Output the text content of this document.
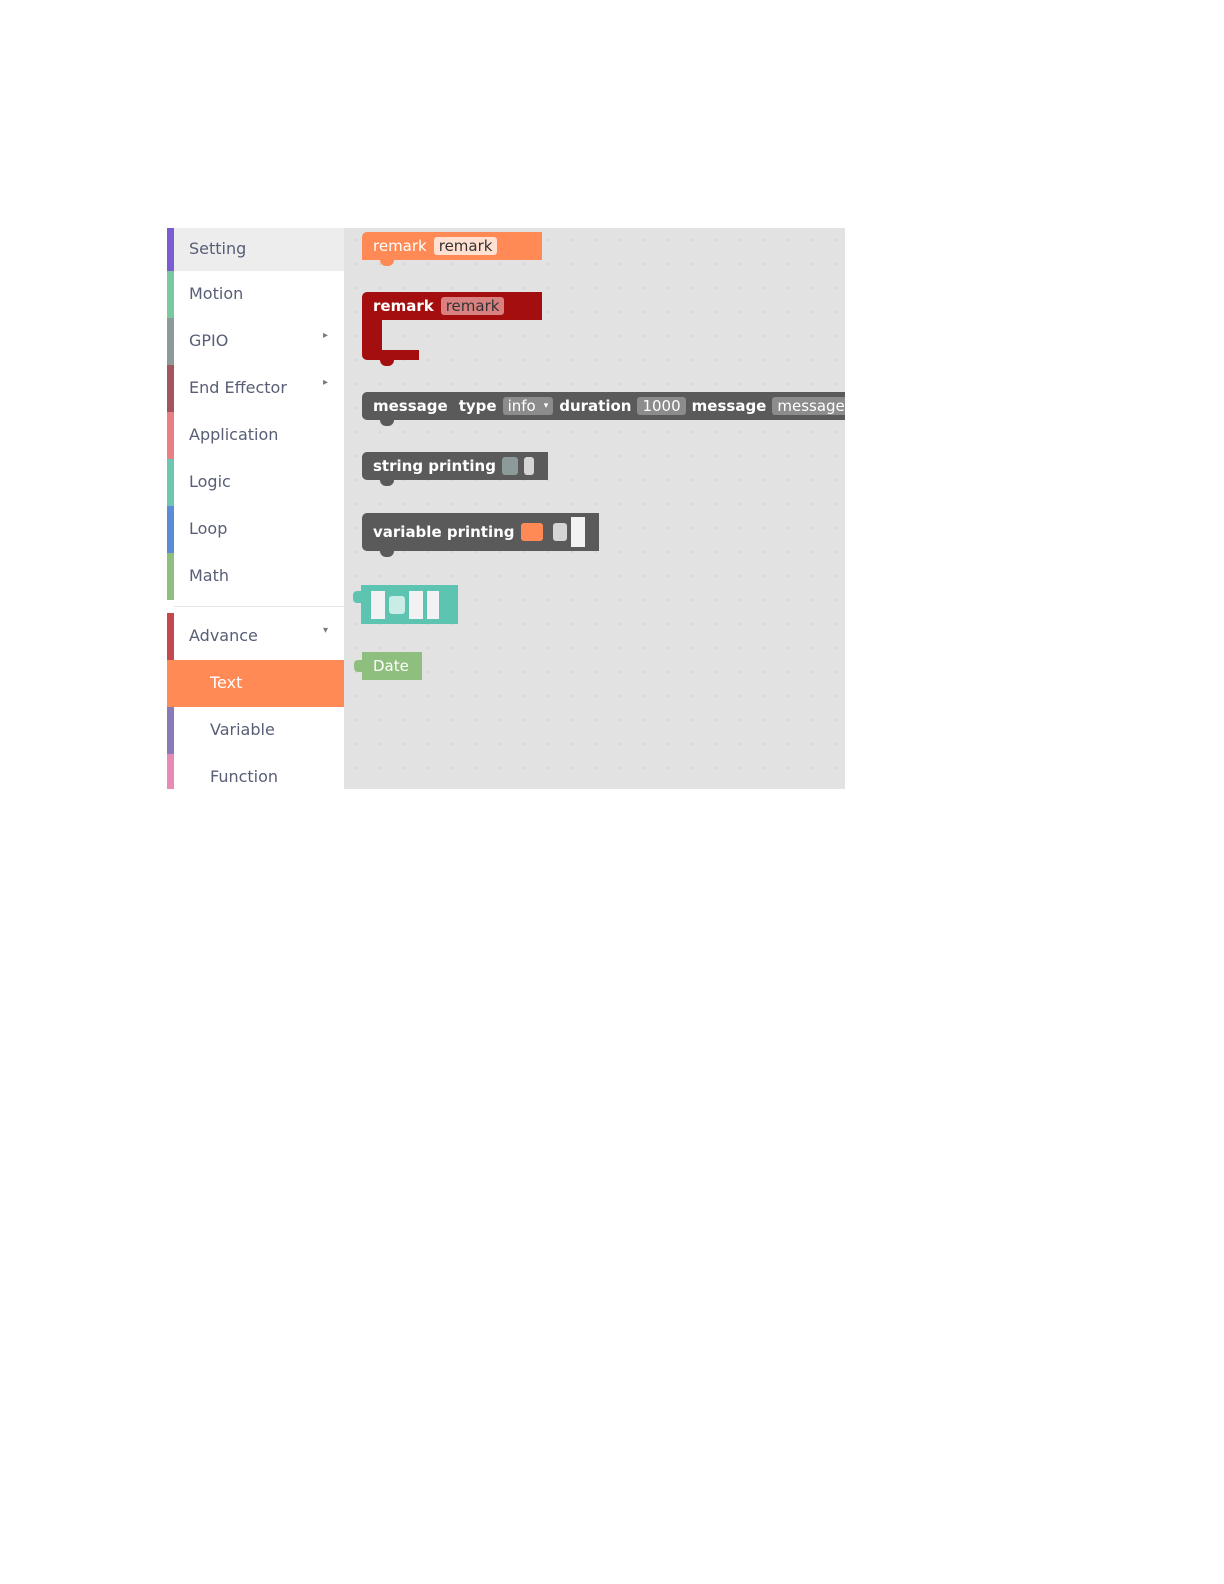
Setting
Motion
GPIO	▸
End Effector	▸
Application
Logic
Loop
Math
Advance	▾
Text
Variable
Function
remark remark
remark remark
message type info ▾ duration 1000 message message
string printing
variable printing
Date
